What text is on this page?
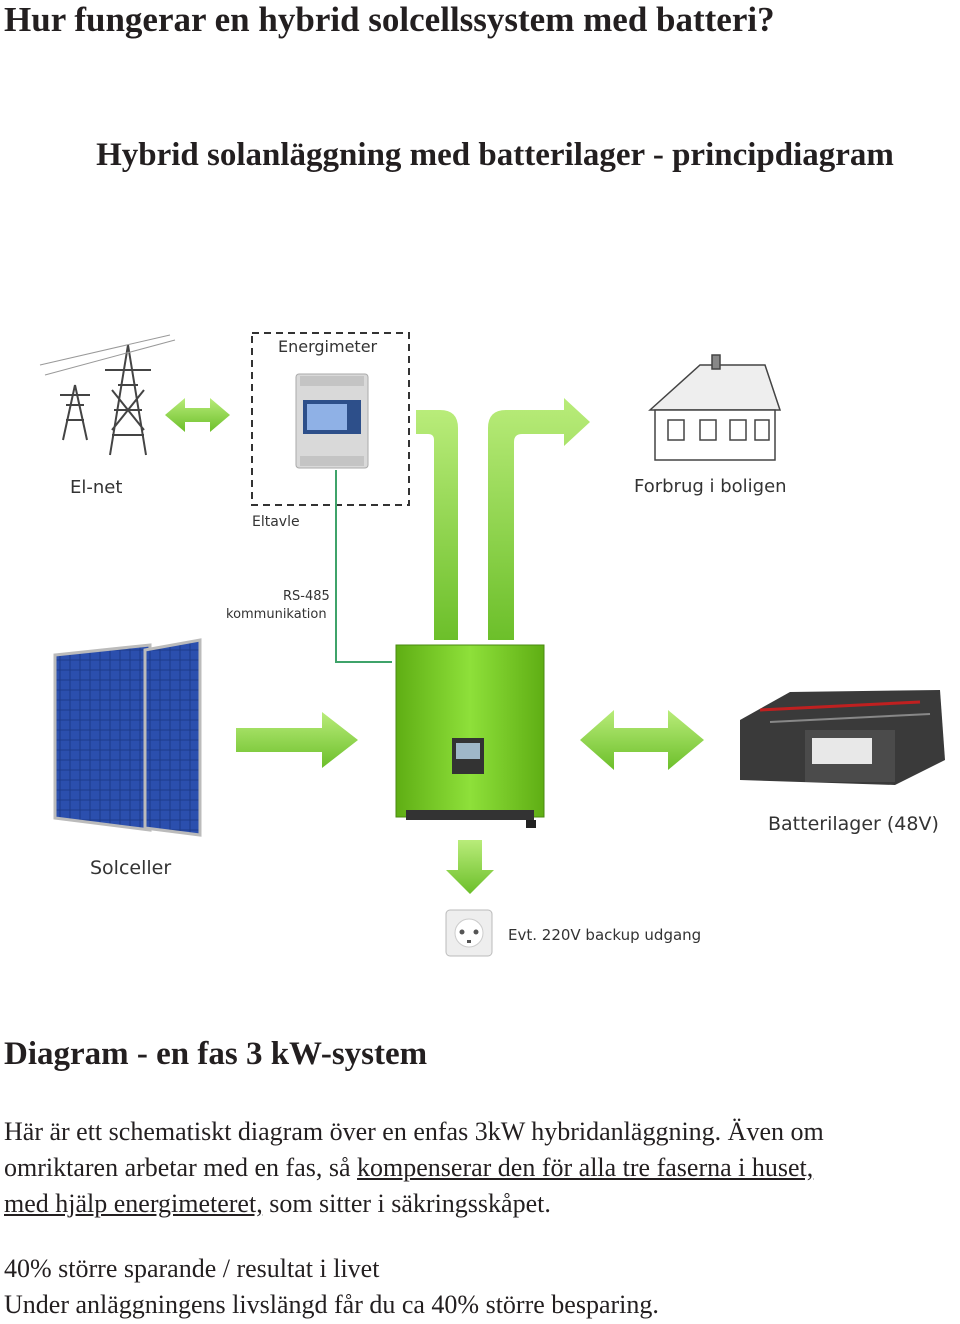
Hur fungerar en hybrid solcellssystem med batteri?
Hybrid solanläggning med batterilager - principdiagram
El-net
Energimeter
Eltavle
RS-485
kommunikation
Forbrug i boligen
Solceller
Batterilager (48V)
Evt. 220V backup udgang
Diagram - en fas 3 kW-system

Här är ett schematiskt diagram över en enfas 3kW hybridanläggning. Även om

omriktaren arbetar med en fas, så kompenserar den för alla tre faserna i huset,

med hjälp energimeteret, som sitter i säkringsskåpet.

40% större sparande / resultat i livet

Under anläggningens livslängd får du ca 40% större besparing.
